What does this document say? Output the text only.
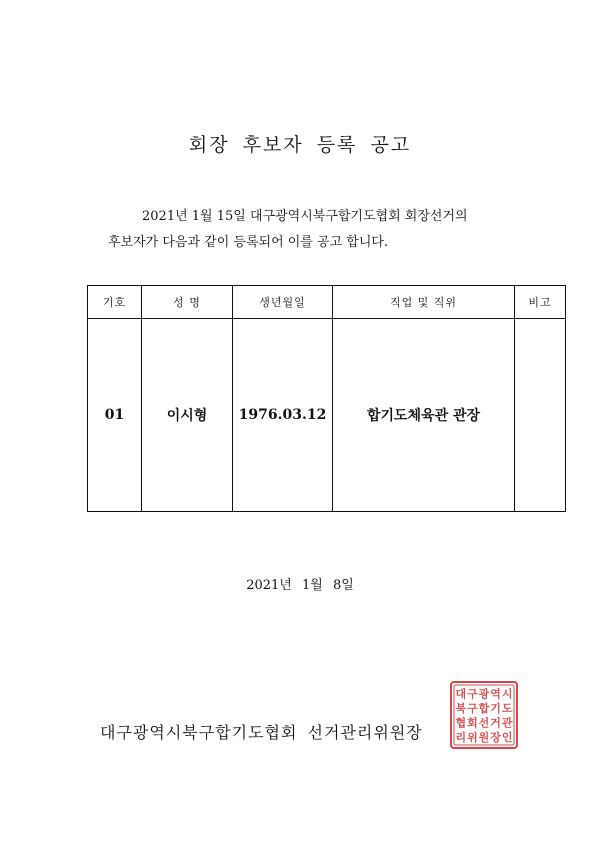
회장 후보자 등록 공고
2021년 1월 15일 대구광역시북구합기도협회 회장선거의
후보자가 다음과 같이 등록되어 이를 공고 합니다.
기호	성 명	생년월일	직업 및 직위	비고
01	이시형	1976.03.12	합기도체육관 관장	
2021년 1월 8일
대구광역시북구합기도협회 선거관리위원장
대 구 광 역 시
북 구 합 기 도
협 회 선 거 관
리 위 원 장 인
